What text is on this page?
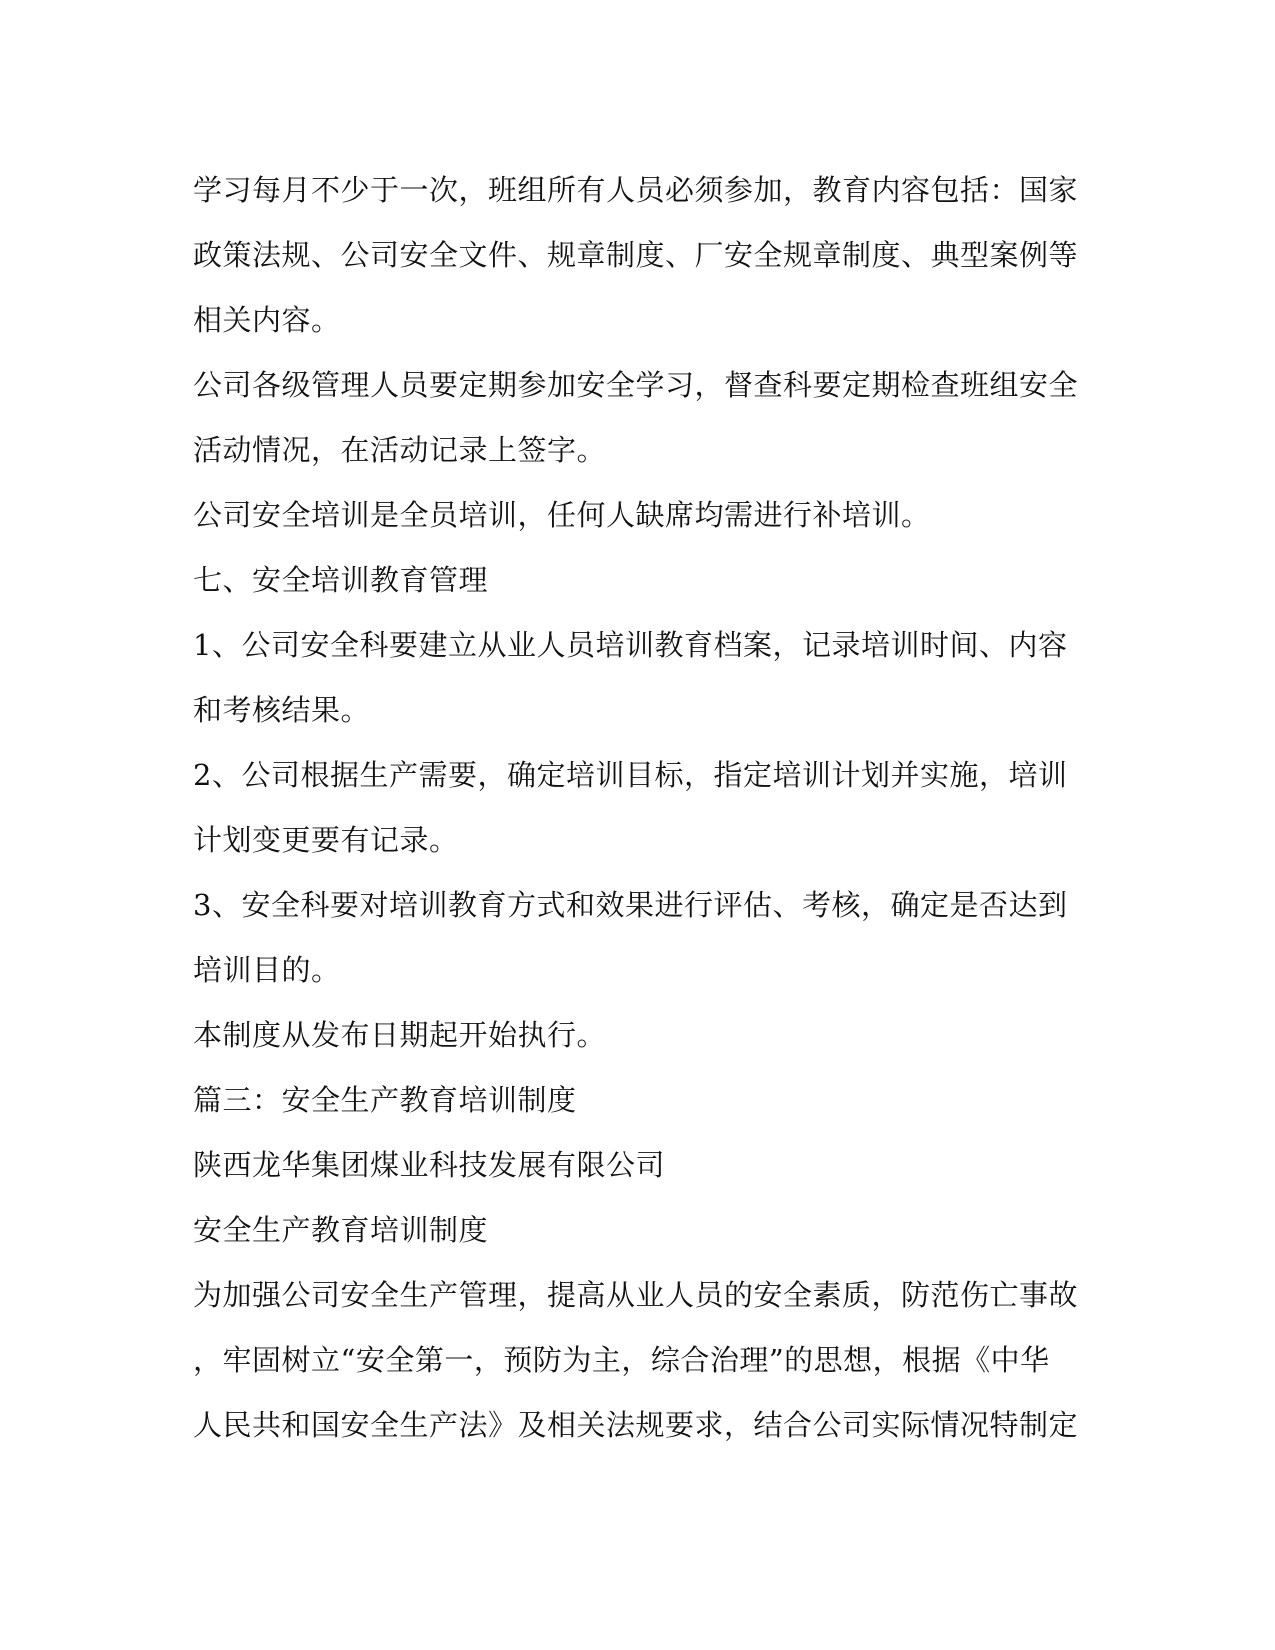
学习每月不少于一次，班组所有人员必须参加，教育内容包括：国家
政策法规、公司安全文件、规章制度、厂安全规章制度、典型案例等
相关内容。
公司各级管理人员要定期参加安全学习，督查科要定期检查班组安全
活动情况，在活动记录上签字。
公司安全培训是全员培训，任何人缺席均需进行补培训。
七、安全培训教育管理
1、公司安全科要建立从业人员培训教育档案，记录培训时间、内容
和考核结果。
2、公司根据生产需要，确定培训目标，指定培训计划并实施，培训
计划变更要有记录。
3、安全科要对培训教育方式和效果进行评估、考核，确定是否达到
培训目的。
本制度从发布日期起开始执行。
篇三：安全生产教育培训制度
陕西龙华集团煤业科技发展有限公司
安全生产教育培训制度
为加强公司安全生产管理，提高从业人员的安全素质，防范伤亡事故
，牢固树立“安全第一，预防为主，综合治理”的思想，根据《中华
人民共和国安全生产法》及相关法规要求，结合公司实际情况特制定
